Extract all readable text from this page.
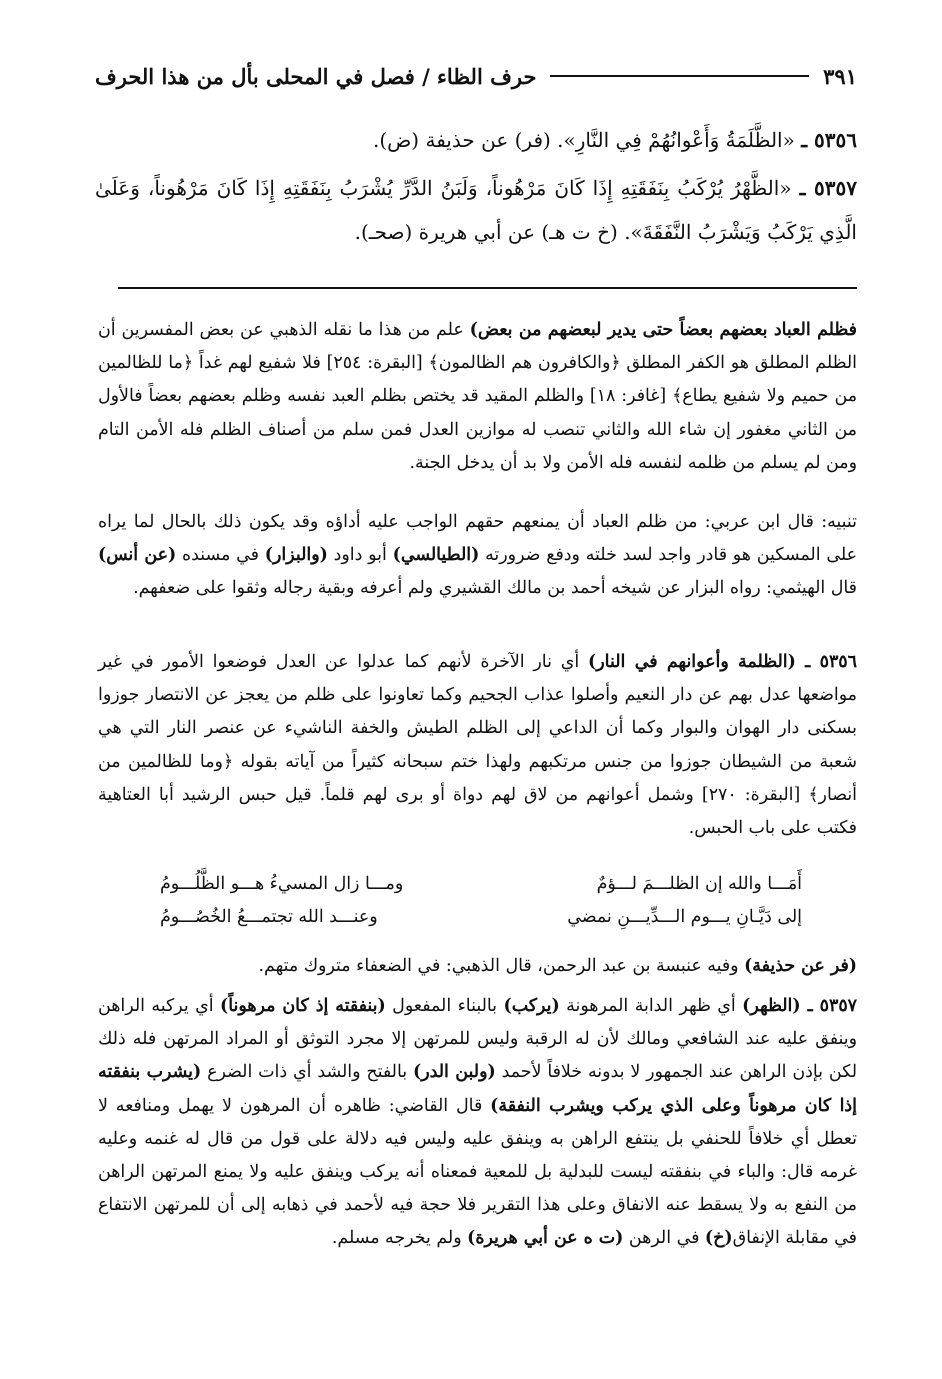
حرف الظاء / فصل في المحلى بأل من هذا الحرف	٣٩١
٥٣٥٦ ـ «الظَّلَمَةُ وَأَعْوانُهُمْ فِي النَّارِ». (فر) عن حذيفة (ض).
٥٣٥٧ ـ «الظَّهْرُ يُرْكَبُ بِنَفَقَتِهِ إِذَا كَانَ مَرْهُوناً، وَلَبَنُ الدَّرِّ يُشْرَبُ بِنَفَقَتِهِ إِذَا كَانَ مَرْهُوناً، وَعَلَىٰ الَّذِي يَرْكَبُ وَيَشْرَبُ النَّفَقَةَ». (خ ت هـ) عن أبي هريرة (صحـ).
فظلم العباد بعضهم بعضاً حتى يدير لبعضهم من بعض) علم من هذا ما نقله الذهبي عن بعض المفسرين أن الظلم المطلق هو الكفر المطلق ﴿والكافرون هم الظالمون﴾ [البقرة: ٢٥٤] فلا شفيع لهم غداً ﴿ما للظالمين من حميم ولا شفيع يطاع﴾ [غافر: ١٨] والظلم المقيد قد يختص بظلم العبد نفسه وظلم بعضهم بعضاً فالأول من الثاني مغفور إن شاء الله والثاني تنصب له موازين العدل فمن سلم من أصناف الظلم فله الأمن التام ومن لم يسلم من ظلمه لنفسه فله الأمن ولا بد أن يدخل الجنة.
تنبيه: قال ابن عربي: من ظلم العباد أن يمنعهم حقهم الواجب عليه أداؤه وقد يكون ذلك بالحال لما يراه على المسكين هو قادر واجد لسد خلته ودفع ضرورته (الطيالسي) أبو داود (والبزار) في مسنده (عن أنس) قال الهيثمي: رواه البزار عن شيخه أحمد بن مالك القشيري ولم أعرفه وبقية رجاله وثقوا على ضعفهم.
٥٣٥٦ ـ (الظلمة وأعوانهم في النار) أي نار الآخرة لأنهم كما عدلوا عن العدل فوضعوا الأمور في غير مواضعها عدل بهم عن دار النعيم وأصلوا عذاب الجحيم وكما تعاونوا على ظلم من يعجز عن الانتصار جوزوا بسكنى دار الهوان والبوار وكما أن الداعي إلى الظلم الطيش والخفة الناشيء عن عنصر النار التي هي شعبة من الشيطان جوزوا من جنس مرتكبهم ولهذا ختم سبحانه كثيراً من آياته بقوله ﴿وما للظالمين من أنصار﴾ [البقرة: ٢٧٠] وشمل أعوانهم من لاق لهم دواة أو برى لهم قلماً. قيل حبس الرشيد أبا العتاهية فكتب على باب الحبس.
أَمَـــا والله إن الظلـــمَ لـــؤمٌ
ومـــا زال المسيءُ هـــو الظَّلُـــومُ
إلى دَيَّـانِ يـــوم الـــدِّيـــنِ نمضي
وعنـــد الله تجتمـــعُ الخُصُـــومُ
(فر عن حذيفة) وفيه عنبسة بن عبد الرحمن، قال الذهبي: في الضعفاء متروك متهم.
٥٣٥٧ ـ (الظهر) أي ظهر الدابة المرهونة (يركب) بالبناء المفعول (بنفقته إذ كان مرهوناً) أي يركبه الراهن وينفق عليه عند الشافعي ومالك لأن له الرقبة وليس للمرتهن إلا مجرد التوثق أو المراد المرتهن فله ذلك لكن بإذن الراهن عند الجمهور لا بدونه خلافاً لأحمد (ولبن الدر) بالفتح والشد أي ذات الضرع (يشرب بنفقته إذا كان مرهوناً وعلى الذي يركب ويشرب النفقة) قال القاضي: ظاهره أن المرهون لا يهمل ومنافعه لا تعطل أي خلافاً للحنفي بل ينتفع الراهن به وينفق عليه وليس فيه دلالة على قول من قال له غنمه وعليه غرمه قال: والباء في بنفقته ليست للبدلية بل للمعية فمعناه أنه يركب وينفق عليه ولا يمنع المرتهن الراهن من النفع به ولا يسقط عنه الانفاق وعلى هذا التقرير فلا حجة فيه لأحمد في ذهابه إلى أن للمرتهن الانتفاع في مقابلة الإنفاق(خ) في الرهن (ت ه عن أبي هريرة) ولم يخرجه مسلم.
